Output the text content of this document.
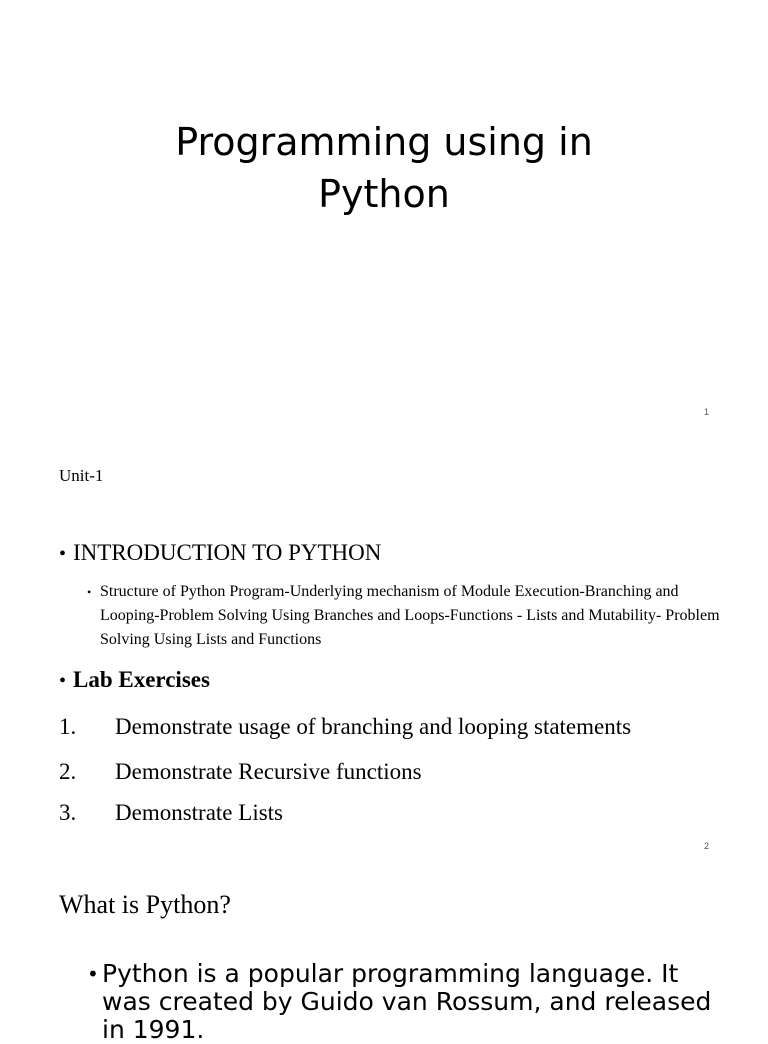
Programming using in
Python
1
Unit-1
• INTRODUCTION TO PYTHON
• Structure of Python Program-Underlying mechanism of Module Execution-Branching and Looping-Problem Solving Using Branches and Loops-Functions - Lists and Mutability- Problem Solving Using Lists and Functions
• Lab Exercises
1. Demonstrate usage of branching and looping statements
2. Demonstrate Recursive functions
3. Demonstrate Lists
2
What is Python?
• Python is a popular programming language. It was created by Guido van Rossum, and released in 1991.
